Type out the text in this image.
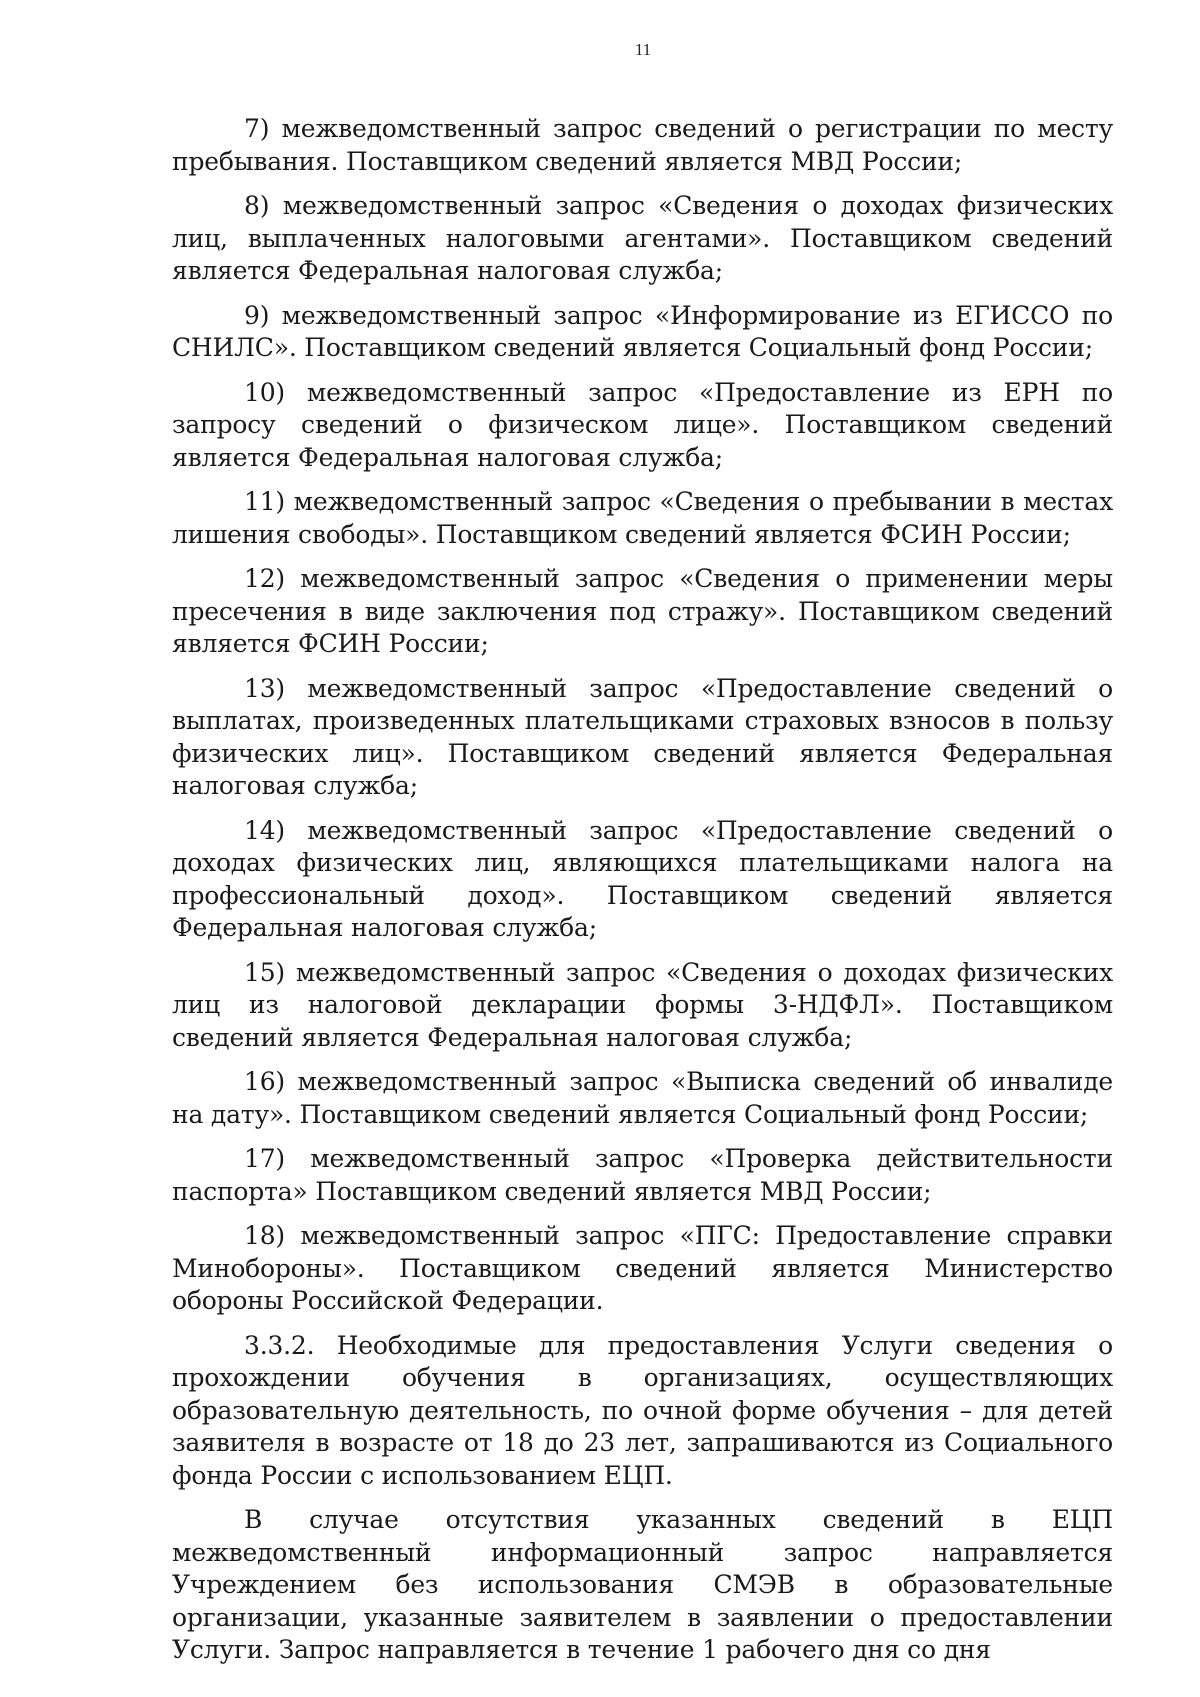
11

7) межведомственный запрос сведений о регистрации по месту пребывания. Поставщиком сведений является МВД России;

8) межведомственный запрос «Сведения о доходах физических лиц, выплаченных налоговыми агентами». Поставщиком сведений является Федеральная налоговая служба;

9) межведомственный запрос «Информирование из ЕГИССО по СНИЛС». Поставщиком сведений является Социальный фонд России;

10) межведомственный запрос «Предоставление из ЕРН по запросу сведений о физическом лице». Поставщиком сведений является Федеральная налоговая служба;

11) межведомственный запрос «Сведения о пребывании в местах лишения свободы». Поставщиком сведений является ФСИН России;

12) межведомственный запрос «Сведения о применении меры пресечения в виде заключения под стражу». Поставщиком сведений является ФСИН России;

13) межведомственный запрос «Предоставление сведений о выплатах, произведенных плательщиками страховых взносов в пользу физических лиц». Поставщиком сведений является Федеральная налоговая служба;

14) межведомственный запрос «Предоставление сведений о доходах физических лиц, являющихся плательщиками налога на профессиональный доход». Поставщиком сведений является Федеральная налоговая служба;

15) межведомственный запрос «Сведения о доходах физических лиц из налоговой декларации формы 3-НДФЛ». Поставщиком сведений является Федеральная налоговая служба;

16) межведомственный запрос «Выписка сведений об инвалиде на дату». Поставщиком сведений является Социальный фонд России;

17) межведомственный запрос «Проверка действительности паспорта» Поставщиком сведений является МВД России;

18) межведомственный запрос «ПГС: Предоставление справки Минобороны». Поставщиком сведений является Министерство обороны Российской Федерации.

3.3.2. Необходимые для предоставления Услуги сведения о прохождении обучения в организациях, осуществляющих образовательную деятельность, по очной форме обучения – для детей заявителя в возрасте от 18 до 23 лет, запрашиваются из Социального фонда России с использованием ЕЦП.

В случае отсутствия указанных сведений в ЕЦП межведомственный информационный запрос направляется Учреждением без использования СМЭВ в образовательные организации, указанные заявителем в заявлении о предоставлении Услуги. Запрос направляется в течение 1 рабочего дня со дня
